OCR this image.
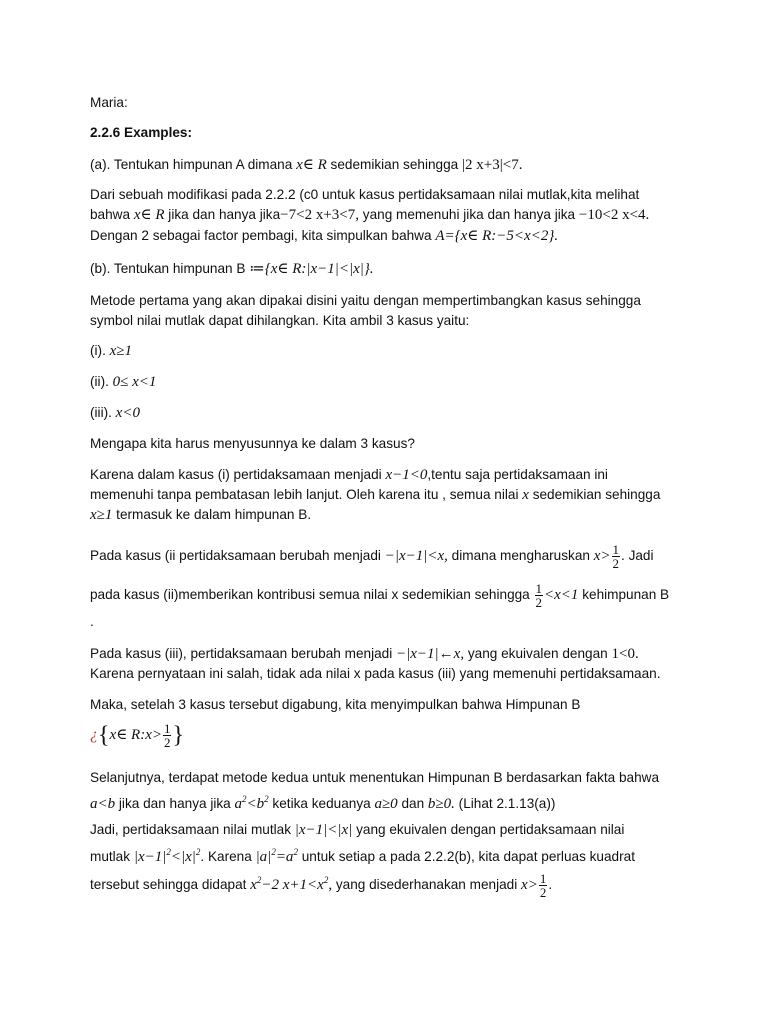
Maria:
2.2.6 Examples:
(a). Tentukan himpunan A dimana x∈ R sedemikian sehingga |2 x+3|<7.
Dari sebuah modifikasi pada 2.2.2 (c0 untuk kasus pertidaksamaan nilai mutlak,kita melihat
bahwa x∈ R jika dan hanya jika−7<2 x+3<7, yang memenuhi jika dan hanya jika −10<2 x<4.
Dengan 2 sebagai factor pembagi, kita simpulkan bahwa A={x∈ R:−5<x<2}.
(b). Tentukan himpunan B ≔{x∈ R:|x−1|<|x|}.
Metode pertama yang akan dipakai disini yaitu dengan mempertimbangkan kasus sehingga
symbol nilai mutlak dapat dihilangkan. Kita ambil 3 kasus yaitu:
(i). x≥1
(ii). 0≤ x<1
(iii). x<0
Mengapa kita harus menyusunnya ke dalam 3 kasus?
Karena dalam kasus (i) pertidaksamaan menjadi x−1<0,tentu saja pertidaksamaan ini
memenuhi tanpa pembatasan lebih lanjut. Oleh karena itu , semua nilai x sedemikian sehingga
x≥1 termasuk ke dalam himpunan B.
Pada kasus (ii pertidaksamaan berubah menjadi −|x−1|<x, dimana mengharuskan $x> \frac{1}{2}$ . Jadi
pada kasus (ii)memberikan kontribusi semua nilai x sedemikian sehingga $\frac{1}{2} <x<1$ kehimpunan B
.
Pada kasus (iii), pertidaksamaan berubah menjadi −|x−1|←x, yang ekuivalen dengan 1<0.
Karena pernyataan ini salah, tidak ada nilai x pada kasus (iii) yang memenuhi pertidaksamaan.
Maka, setelah 3 kasus tersebut digabung, kita menyimpulkan bahwa Himpunan B
¿{x∈ R:x> $\frac{1}{2}$ }
Selanjutnya, terdapat metode kedua untuk menentukan Himpunan B berdasarkan fakta bahwa
a<b jika dan hanya jika $a^2<b^2$ ketika keduanya a≥0 dan b≥0. (Lihat 2.1.13(a))
Jadi, pertidaksamaan nilai mutlak |x−1|<|x| yang ekuivalen dengan pertidaksamaan nilai
mutlak $|x-1|^2<|x|^2$. Karena $|a|^2=a^2$ untuk setiap a pada 2.2.2(b), kita dapat perluas kuadrat
tersebut sehingga didapat $x^2-2$ $x+1<x^2$, yang disederhanakan menjadi $x> \frac{1}{2}$ .
